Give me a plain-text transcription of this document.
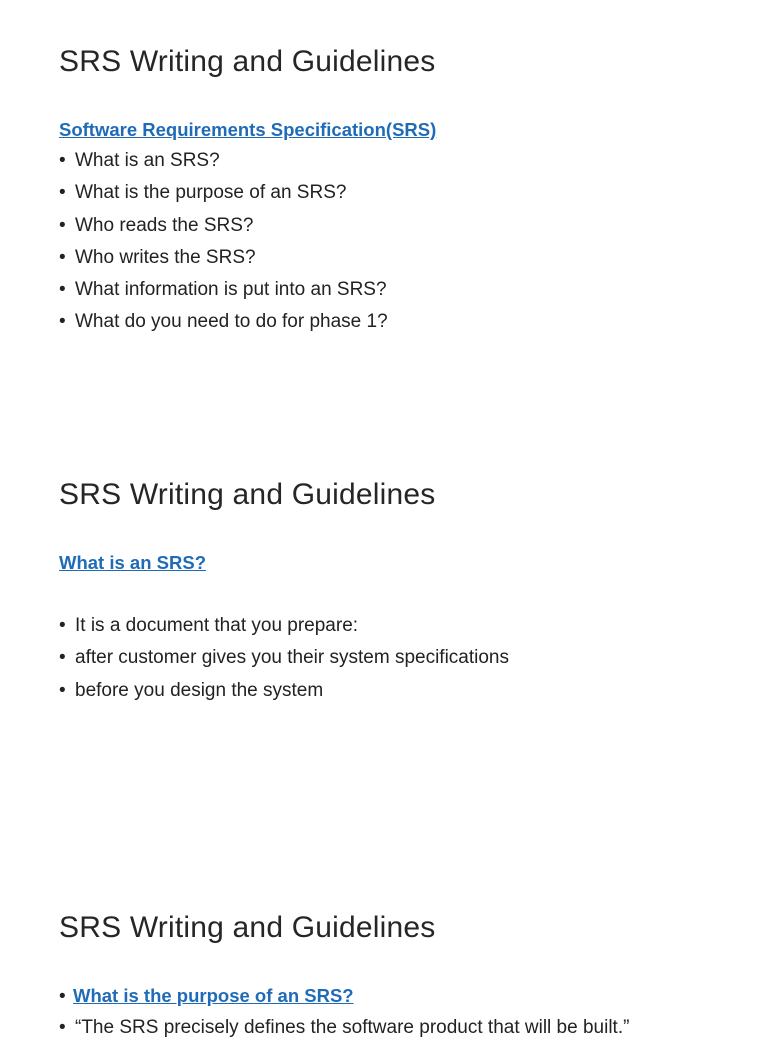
SRS Writing and Guidelines
Software Requirements Specification(SRS)
• What is an SRS?
• What is the purpose of an SRS?
• Who reads the SRS?
• Who writes the SRS?
• What information is put into an SRS?
• What do you need to do for phase 1?
SRS Writing and Guidelines
What is an SRS?
• It is a document that you prepare:
• after customer gives you their system specifications
• before you design the system
SRS Writing and Guidelines
• What is the purpose of an SRS?
• “The SRS precisely defines the software product that will be built.”
